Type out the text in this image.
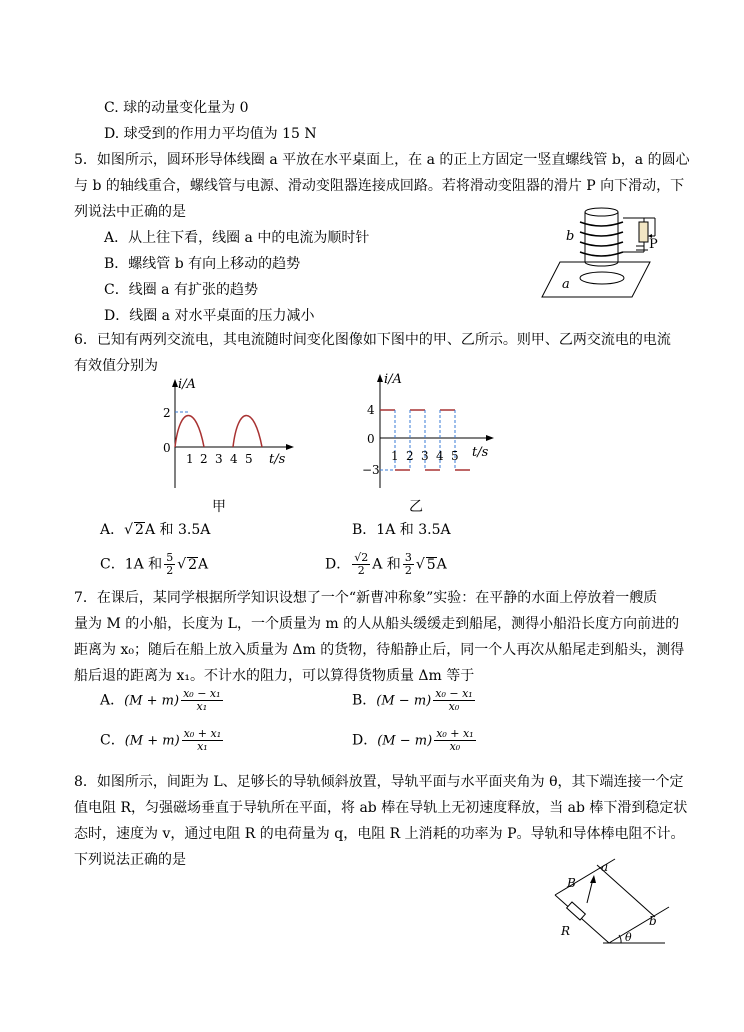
C. 球的动量变化量为 0
D. 球受到的作用力平均值为 15 N
5．如图所示，圆环形导体线圈 a 平放在水平桌面上，在 a 的正上方固定一竖直螺线管 b，a 的圆心
与 b 的轴线重合，螺线管与电源、滑动变阻器连接成回路。若将滑动变阻器的滑片 P 向下滑动，下
列说法中正确的是
A．从上往下看，线圈 a 中的电流为顺时针
B．螺线管 b 有向上移动的趋势
C．线圈 a 有扩张的趋势
D．线圈 a 对水平桌面的压力减小
b
P
a
6．已知有两列交流电，其电流随时间变化图像如下图中的甲、乙所示。则甲、乙两交流电的电流
有效值分别为
i/A
2
0
1 2 3 4 5 t/s
甲
i/A
4
0
−3
1 2 3 4 5 t/s
乙
A．√ 2A 和 3.5A	B．1A 和 3.5A
C．1A 和 $\frac{5}{2}$ √ 2A	D． $\frac{√2}{2}$ A 和 $\frac{3}{2}$ √ 5A
7．在课后，某同学根据所学知识设想了一个“新曹冲称象”实验：在平静的水面上停放着一艘质
量为 M 的小船，长度为 L，一个质量为 m 的人从船头缓缓走到船尾，测得小船沿长度方向前进的
距离为 x₀；随后在船上放入质量为 Δm 的货物，待船静止后，同一个人再次从船尾走到船头，测得
船后退的距离为 x₁。不计水的阻力，可以算得货物质量 Δm 等于
A．$(M + m) \frac{\text{x₀ − x₁}}{\text{x₁}}$	B．$(M - m) \frac{\text{x₀ − x₁}}{\text{x₀}}$
C．$(M + m) \frac{\text{x₀ + x₁}}{\text{x₁}}$	D．$(M - m) \frac{\text{x₀ + x₁}}{\text{x₀}}$
8．如图所示，间距为 L、足够长的导轨倾斜放置，导轨平面与水平面夹角为 θ，其下端连接一个定
值电阻 R，匀强磁场垂直于导轨所在平面，将 ab 棒在导轨上无初速度释放，当 ab 棒下滑到稳定状
态时，速度为 v，通过电阻 R 的电荷量为 q，电阻 R 上消耗的功率为 P。导轨和导体棒电阻不计。
下列说法正确的是	a
b
B
R	θ
